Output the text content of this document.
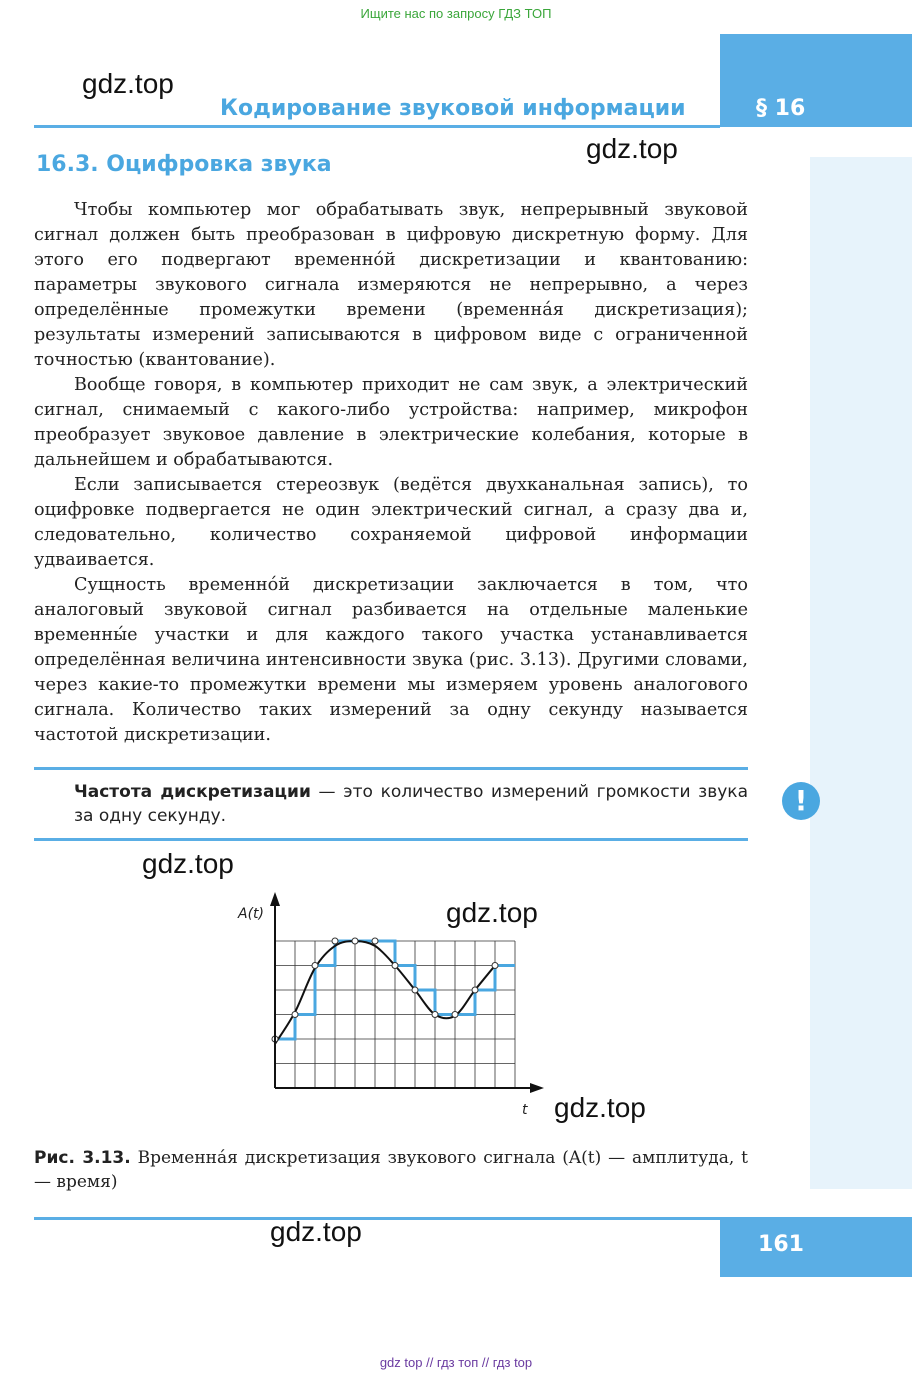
Ищите нас по запросу ГДЗ ТОП
§ 16
Кодирование звуковой информации
gdz.top
gdz.top
16.3. Оцифровка звука

Чтобы компьютер мог обрабатывать звук, непрерывный звуковой сигнал должен быть преобразован в цифровую дискретную форму. Для этого его подвергают временнóй дискретизации и квантованию: параметры звукового сигнала измеряются не непрерывно, а через определённые промежутки времени (временнáя дискретизация); результаты измерений записываются в цифровом виде с ограниченной точностью (квантование).

Вообще говоря, в компьютер приходит не сам звук, а электрический сигнал, снимаемый с какого-либо устройства: например, микрофон преобразует звуковое давление в электрические колебания, которые в дальнейшем и обрабатываются.

Если записывается стереозвук (ведётся двухканальная запись), то оцифровке подвергается не один электрический сигнал, а сразу два и, следовательно, количество сохраняемой цифровой информации удваивается.

Сущность временнóй дискретизации заключается в том, что аналоговый звуковой сигнал разбивается на отдельные маленькие временны́е участки и для каждого такого участка устанавливается определённая величина интенсивности звука (рис. 3.13). Другими словами, через какие-то промежутки времени мы измеряем уровень аналогового сигнала. Количество таких измерений за одну секунду называется частотой дискретизации.

Частота дискретизации — это количество измерений громкости звука за одну секунду.	!
gdz.top
gdz.top
gdz.top
A(t)
t
Рис. 3.13. Временнáя дискретизация звукового сигнала (A(t) — амплитуда, t — время)
161
gdz.top
gdz top // гдз топ // гдз top
